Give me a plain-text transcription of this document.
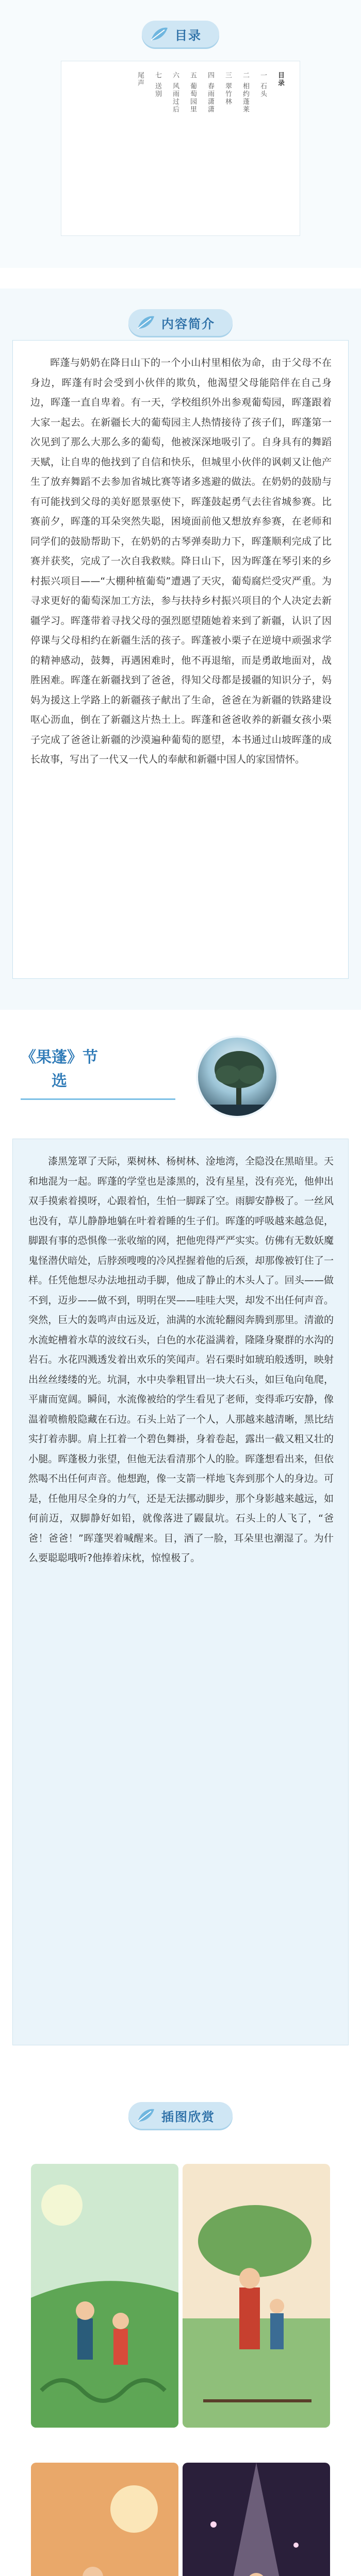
目录
目录
一 石头
二 相约蓬莱
三 翠竹林
四 春雨潇潇
五 葡萄园里
六 风雨过后
七 送别
尾声
内容简介

晖蓬与奶奶在降日山下的一个小山村里相依为命，由于父母不在身边，晖蓬有时会受到小伙伴的欺负，他渴望父母能陪伴在自己身边，晖蓬一直自卑着。有一天，学校组织外出参观葡萄园，晖蓬跟着大家一起去。在新疆长大的葡萄园主人热情接待了孩子们，晖蓬第一次见到了那么大那么多的葡萄，他被深深地吸引了。自身具有的舞蹈天赋，让自卑的他找到了自信和快乐，但城里小伙伴的讽刺又让他产生了放弃舞蹈不去参加省城比赛等诸多逃避的做法。在奶奶的鼓励与有可能找到父母的美好愿景驱使下，晖蓬鼓起勇气去往省城参赛。比赛前夕，晖蓬的耳朵突然失聪，困境面前他又想放弃参赛，在老师和同学们的鼓励帮助下，在奶奶的古琴弹奏助力下，晖蓬顺利完成了比赛并获奖，完成了一次自我救赎。降日山下，因为晖蓬在琴引来的乡村振兴项目——“大棚种植葡萄”遭遇了天灾，葡萄腐烂受灾严重。为寻求更好的葡萄深加工方法，参与扶持乡村振兴项目的个人决定去新疆学习。晖蓬带着寻找父母的强烈愿望随她着来到了新疆，认识了因停课与父母相约在新疆生活的孩子。晖蓬被小栗子在逆境中顽强求学的精神感动，鼓舞，再遇困难时，他不再退缩，而是勇敢地面对，战胜困难。晖蓬在新疆找到了爸爸，得知父母都是援疆的知识分子，妈妈为援这上学路上的新疆孩子献出了生命，爸爸在为新疆的铁路建设呕心沥血，倒在了新疆这片热土上。晖蓬和爸爸收养的新疆女孩小栗子完成了爸爸让新疆的沙漠遍种葡萄的愿望，本书通过山坡晖蓬的成长故事，写出了一代又一代人的奉献和新疆中国人的家国情怀。

《果蓬》节
选

漆黑笼罩了天际，栗树林、杨树林、淦地湾，全隐没在黑暗里。天和地混为一起。晖蓬的学堂也是漆黑的，没有星星，没有亮光，他伸出双手摸索着摸呀，心跟着怕，生怕一脚踩了空。雨脚安静极了。一丝风也没有，草儿静静地躺在叶着着睡的生子们。晖蓬的呼吸越来越急促，脚跟有事的恐惧像一张收缩的网，把他兜得严严实实。仿佛有无数妖魔鬼怪潜伏暗处，后脖颈嗖嗖的冷风捏握着他的后颈，却那像被钉住了一样。任凭他想尽办法地扭动手脚，他成了静止的木头人了。回头——做不到，迈步——做不到，明明在哭——哇哇大哭，却发不出任何声音。突然，巨大的轰鸣声由远及近，油满的水流轮翻阅奔腾到那里。清澈的水流蛇槽着水草的波纹石头，白色的水花溢满着，隆隆身聚群的水沟的岩石。水花四溅透发着出欢乐的笑闻声。岩石栗时如琥珀般透明，映射出丝丝缕缕的光。坑洞，水中央拳粗冒出一块大石头，如巨龟向龟爬，平庸而宽阔。瞬间，水流像被给的学生看见了老师，变得乖巧安静，像温着喷檐般隐藏在石边。石头上站了一个人，人那越来越清晰，黑比结实打着赤脚。肩上扛着一个碧色舞褂，身着卷起，露出一截又粗又壮的小腿。晖蓬极力张望，但他无法看清那个人的脸。晖蓬想看出来，但依然喝不出任何声音。他想跑，像一支箭一样地飞奔到那个人的身边。可是，任他用尽全身的力气，还是无法挪动脚步，那个身影越来越远，如何前迈，双脚静好如铅，就像落进了鼹鼠坑。石头上的人飞了，“爸爸！爸爸！”晖蓬哭着喊醒来。目，酒了一脸，耳朵里也潮湿了。为什么要聪聪哦听?他捧着床枕，惊惶极了。

插图欣赏
